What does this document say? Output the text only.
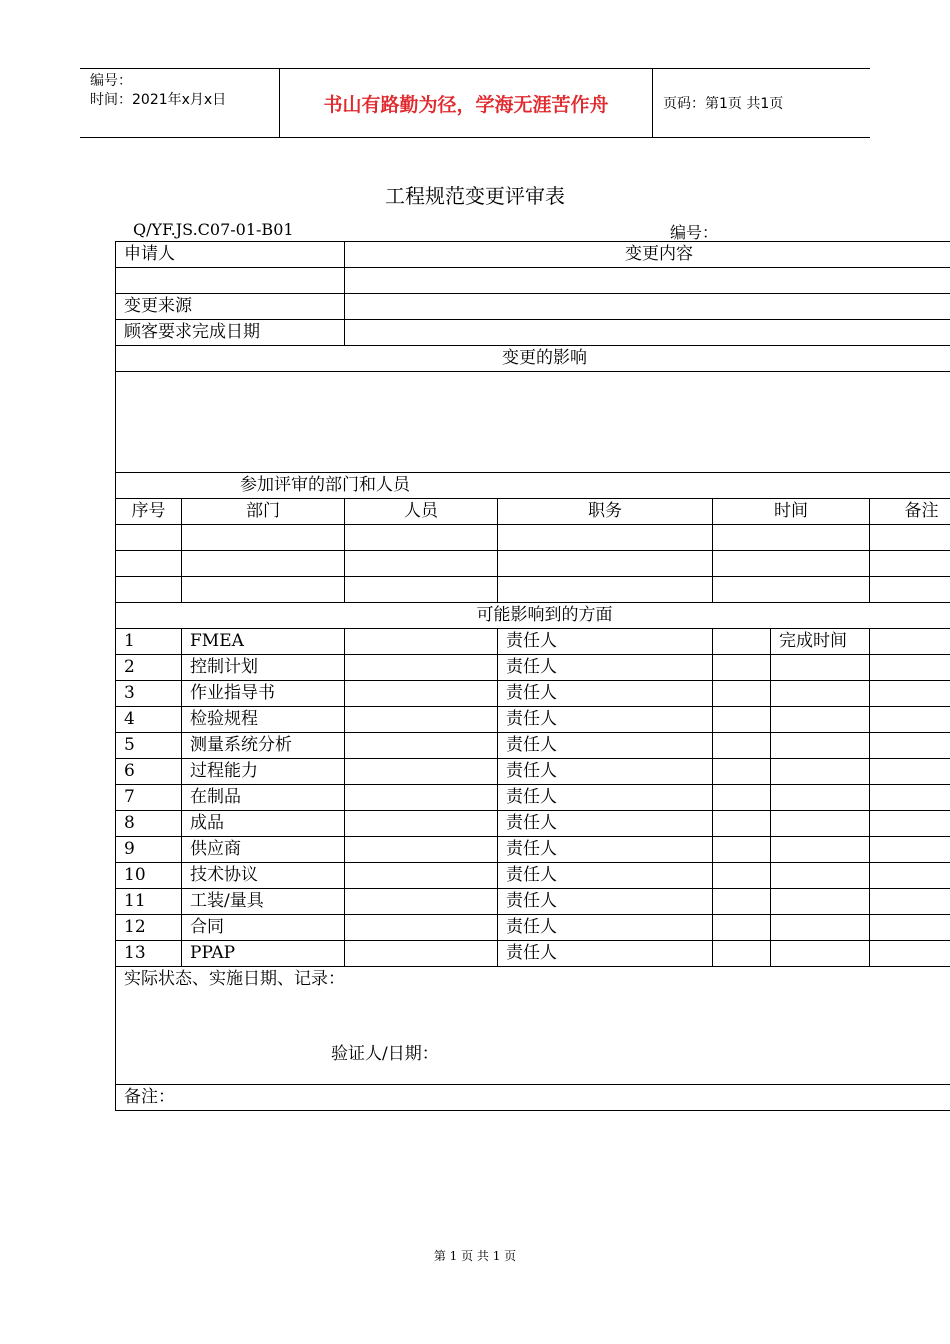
编号：
时间：2021年x月x日	书山有路勤为径，学海无涯苦作舟	页码：第1页 共1页
工程规范变更评审表
Q/YF.JS.C07-01-B01	编号：
申请人		变更内容				

变更来源						
顾客要求完成日期						
变更的影响						

参加评审的部门和人员						
序号	部门	人员	职务	时间		备注

可能影响到的方面						
1	FMEA		责任人		完成时间	
2	控制计划		责任人			
3	作业指导书		责任人			
4	检验规程		责任人			
5	测量系统分析		责任人			
6	过程能力		责任人			
7	在制品		责任人			
8	成品		责任人			
9	供应商		责任人			
10	技术协议		责任人			
11	工装/量具		责任人			
12	合同		责任人			
13	PPAP		责任人			

实际状态、实施日期、记录：
验证人/日期：						

备注：						
第 1 页 共 1 页
